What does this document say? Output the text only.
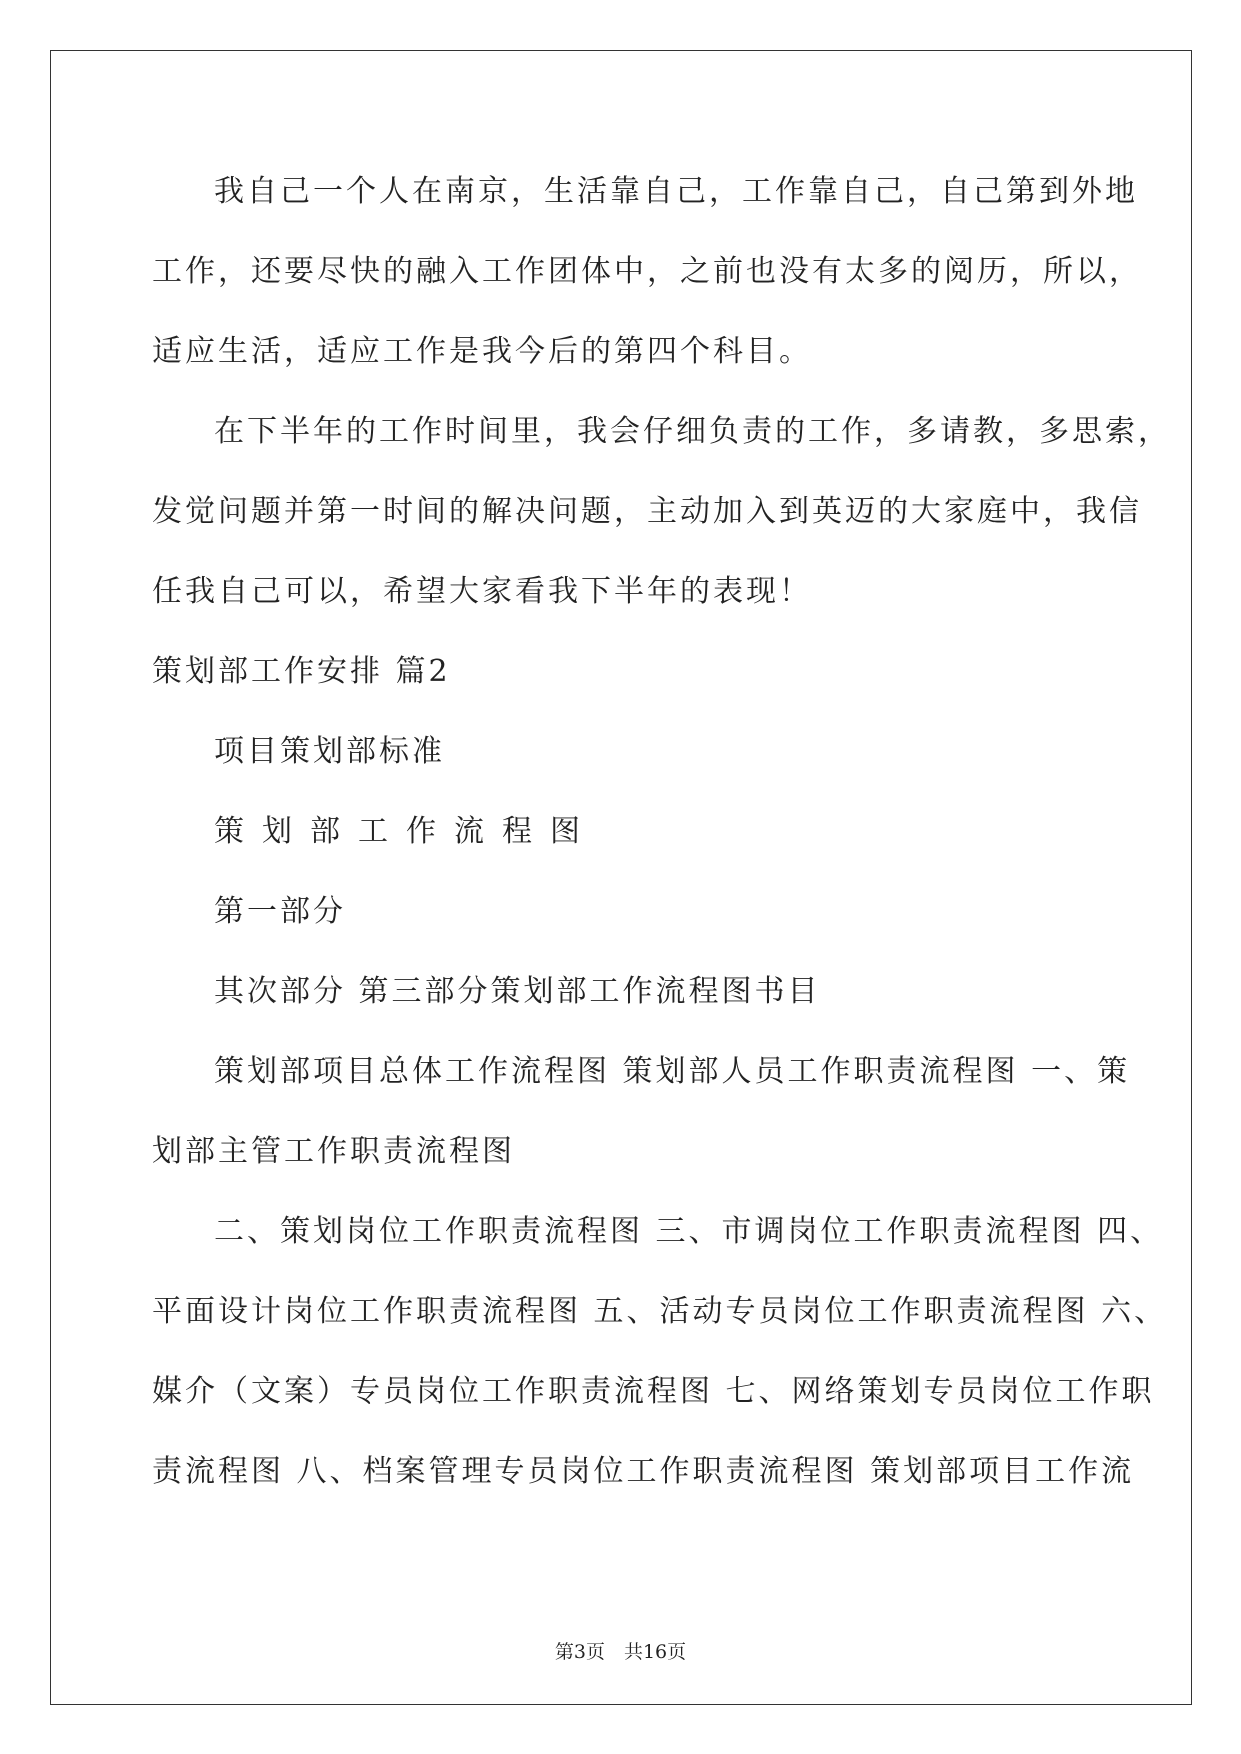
我自己一个人在南京，生活靠自己，工作靠自己，自己第到外地

工作，还要尽快的融入工作团体中，之前也没有太多的阅历，所以，

适应生活，适应工作是我今后的第四个科目。

在下半年的工作时间里，我会仔细负责的工作，多请教，多思索，

发觉问题并第一时间的解决问题，主动加入到英迈的大家庭中，我信

任我自己可以，希望大家看我下半年的表现！

策划部工作安排 篇2

项目策划部标准

策划部工作流程图

第一部分

其次部分 第三部分策划部工作流程图书目

策划部项目总体工作流程图 策划部人员工作职责流程图 一、策

划部主管工作职责流程图

二、策划岗位工作职责流程图 三、市调岗位工作职责流程图 四、

平面设计岗位工作职责流程图 五、活动专员岗位工作职责流程图 六、

媒介（文案）专员岗位工作职责流程图 七、网络策划专员岗位工作职

责流程图 八、档案管理专员岗位工作职责流程图 策划部项目工作流

第3页　共16页
